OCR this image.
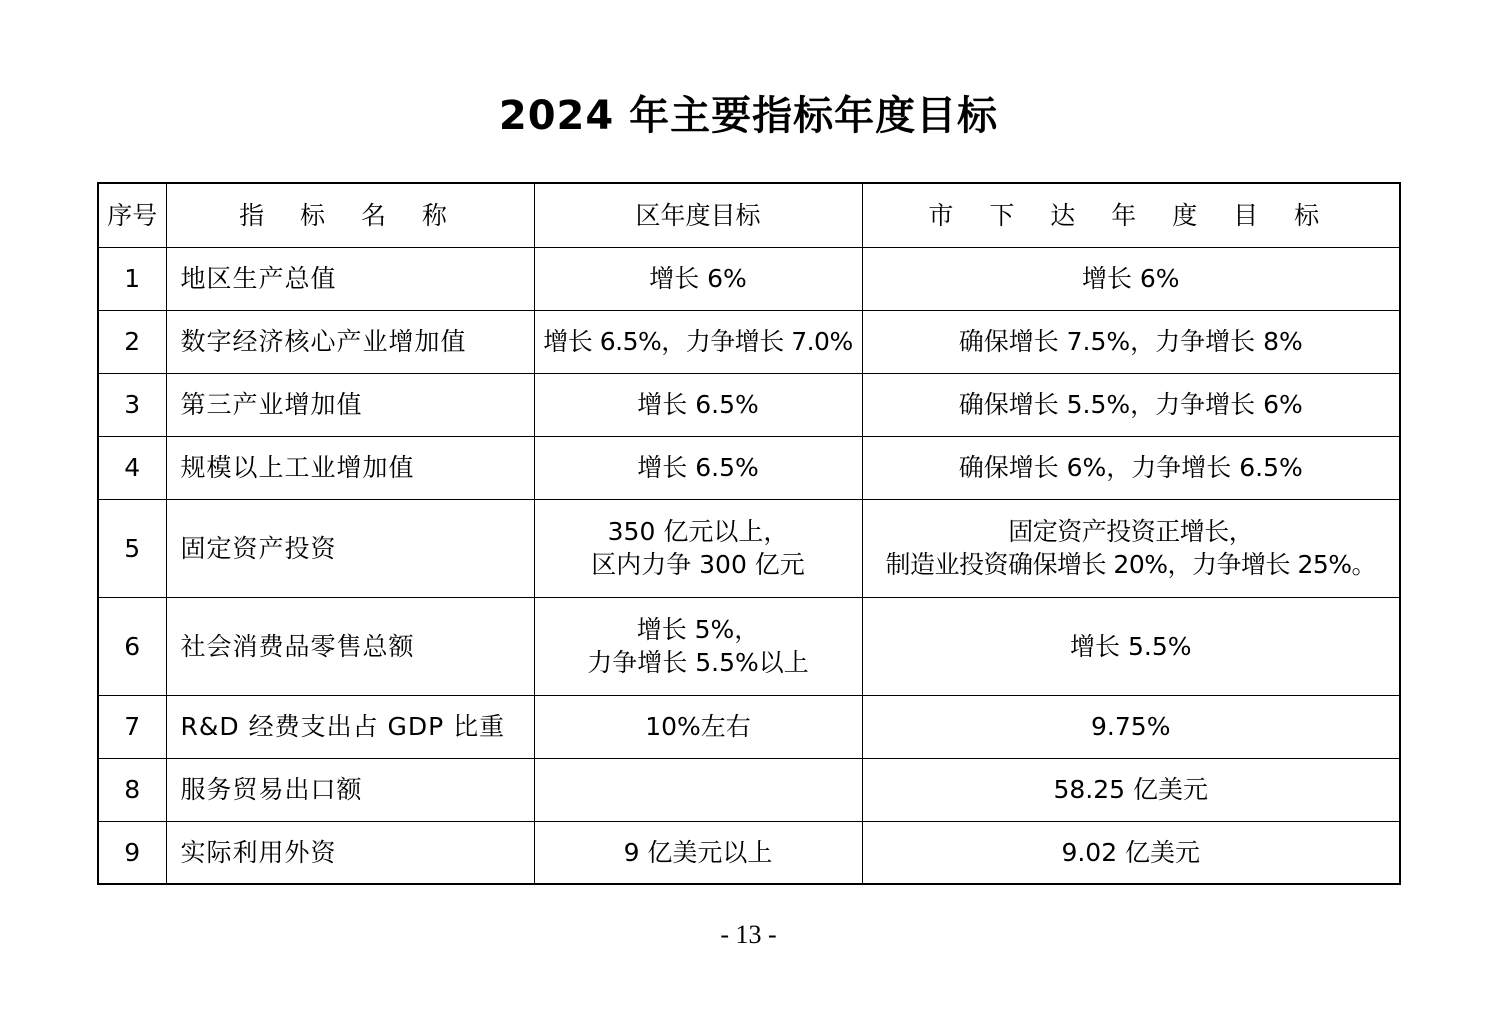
2024 年主要指标年度目标
序号	指 标 名 称	区年度目标	市 下 达 年 度 目 标
1	地区生产总值	增长 6%	增长 6%

2	数字经济核心产业增加值	增长 6.5%，力争增长 7.0%	确保增长 7.5%，力争增长 8%

3	第三产业增加值	增长 6.5%	确保增长 5.5%，力争增长 6%

4	规模以上工业增加值	增长 6.5%	确保增长 6%，力争增长 6.5%

5	固定资产投资	350 亿元以上，
区内力争 300 亿元	固定资产投资正增长，
制造业投资确保增长 20%，力争增长 25%。

6	社会消费品零售总额	增长 5%，
力争增长 5.5%以上	增长 5.5%

7	R&D 经费支出占 GDP 比重	10%左右	9.75%

8	服务贸易出口额		58.25 亿美元

9	实际利用外资	9 亿美元以上	9.02 亿美元
- 13 -
